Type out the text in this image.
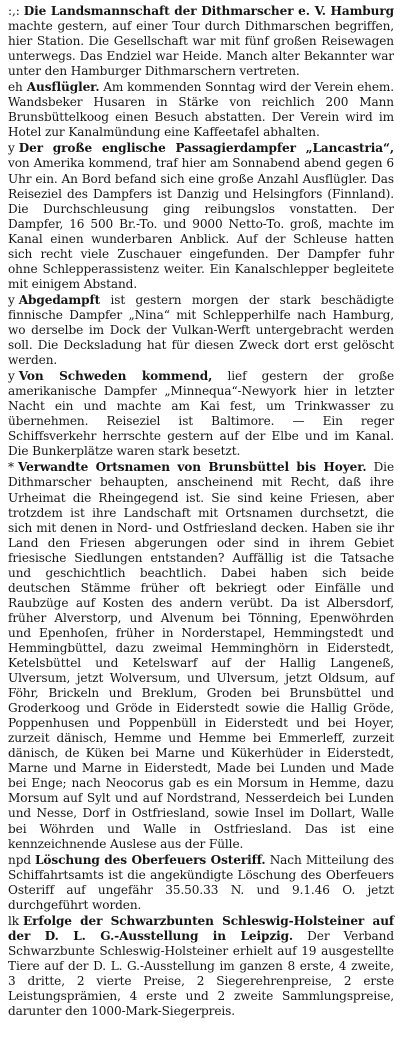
:,: Die Landsmannschaft der Dithmarscher e. V. Hamburg machte gestern, auf einer Tour durch Dithmarschen begriffen, hier Station. Die Gesellschaft war mit fünf großen Reisewagen unterwegs. Das Endziel war Heide. Manch alter Bekannter war unter den Hamburger Dithmarschern vertreten.

eh Ausflügler. Am kommenden Sonntag wird der Verein ehem. Wandsbeker Husaren in Stärke von reichlich 200 Mann Brunsbüttelkoog einen Besuch abstatten. Der Verein wird im Hotel zur Kanalmündung eine Kaffeetafel abhalten.

y Der große englische Passagierdampfer „Lancastria“, von Amerika kommend, traf hier am Sonnabend abend gegen 6 Uhr ein. An Bord befand sich eine große Anzahl Ausflügler. Das Reiseziel des Dampfers ist Danzig und Helsingfors (Finnland). Die Durchschleusung ging reibungslos vonstatten. Der Dampfer, 16 500 Br.-To. und 9000 Netto-To. groß, machte im Kanal einen wunderbaren Anblick. Auf der Schleuse hatten sich recht viele Zuschauer eingefunden. Der Dampfer fuhr ohne Schlepperassistenz weiter. Ein Kanalschlepper begleitete mit einigem Abstand.

y Abgedampft ist gestern morgen der stark beschädigte finnische Dampfer „Nina“ mit Schlepperhilfe nach Hamburg, wo derselbe im Dock der Vulkan-Werft untergebracht werden soll. Die Decksladung hat für diesen Zweck dort erst gelöscht werden.

y Von Schweden kommend, lief gestern der große amerikanische Dampfer „Minnequa“-Newyork hier in letzter Nacht ein und machte am Kai fest, um Trinkwasser zu übernehmen. Reiseziel ist Baltimore. — Ein reger Schiffsverkehr herrschte gestern auf der Elbe und im Kanal. Die Bunkerplätze waren stark besetzt.

* Verwandte Ortsnamen von Brunsbüttel bis Hoyer. Die Dithmarscher behaupten, anscheinend mit Recht, daß ihre Urheimat die Rheingegend ist. Sie sind keine Friesen, aber trotzdem ist ihre Landschaft mit Ortsnamen durchsetzt, die sich mit denen in Nord- und Ostfriesland decken. Haben sie ihr Land den Friesen abgerungen oder sind in ihrem Gebiet friesische Siedlungen entstanden? Auffällig ist die Tatsache und geschichtlich beachtlich. Dabei haben sich beide deutschen Stämme früher oft bekriegt oder Einfälle und Raubzüge auf Kosten des andern verübt. Da ist Albersdorf, früher Alverstorp, und Alvenum bei Tönning, Epenwöhrden und Epenhoſen, früher in Norderstapel, Hemmingstedt und Hemmingbüttel, dazu zweimal Hemminghörn in Eiderstedt, Ketelsbüttel und Ketelswarf auf der Hallig Langeneß, Ulversum, jetzt Wolversum, und Ulversum, jetzt Oldsum, auf Föhr, Brickeln und Breklum, Groden bei Brunsbüttel und Groderkoog und Gröde in Eiderstedt sowie die Hallig Gröde, Poppenhusen und Poppenbüll in Eiderstedt und bei Hoyer, zurzeit dänisch, Hemme und Hemme bei Emmerleff, zurzeit dänisch, de Küken bei Marne und Kükerhüder in Eiderstedt, Marne und Marne in Eiderstedt, Made bei Lunden und Made bei Enge; nach Neocorus gab es ein Morsum in Hemme, dazu Morsum auf Sylt und auf Nordstrand, Nesserdeich bei Lunden und Nesse, Dorf in Ostfriesland, sowie Insel im Dollart, Walle bei Wöhrden und Walle in Ostfriesland. Das ist eine kennzeichnende Auslese aus der Fülle.

npd Löschung des Oberfeuers Osteriff. Nach Mitteilung des Schiffahrtsamts ist die angekündigte Löschung des Oberfeuers Osteriff auf ungefähr 35.50.33 N. und 9.1.46 O. jetzt durchgeführt worden.

lk Erfolge der Schwarzbunten Schleswig-Holsteiner auf der D. L. G.-Ausstellung in Leipzig. Der Verband Schwarzbunte Schleswig-Holsteiner erhielt auf 19 ausgestellte Tiere auf der D. L. G.-Ausstellung im ganzen 8 erste, 4 zweite, 3 dritte, 2 vierte Preise, 2 Siegerehrenpreise, 2 erste Leistungsprämien, 4 erste und 2 zweite Sammlungspreise, darunter den 1000-Mark-Siegerpreis.
